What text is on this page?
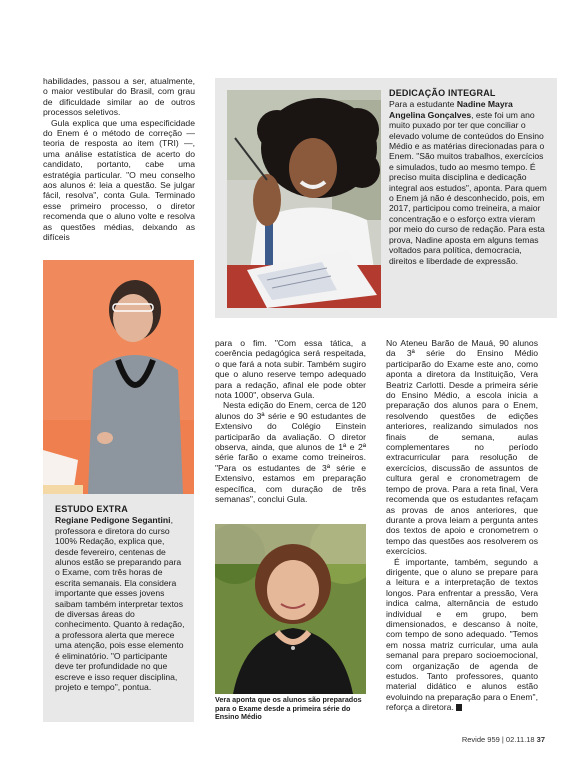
habilidades, passou a ser, atualmente, o maior vestibular do Brasil, com grau de dificuldade similar ao de outros processos seletivos.

Gula explica que uma especificidade do Enem é o método de correção — teoria de resposta ao item (TRI) —, uma análise estatística de acerto do candidato, portanto, cabe uma estratégia particular. "O meu conselho aos alunos é: leia a questão. Se julgar fácil, resolva", conta Gula. Terminado esse primeiro processo, o diretor recomenda que o aluno volte e resolva as questões médias, deixando as difíceis

DEDICAÇÃO INTEGRAL

Para a estudante Nadine Mayra Angelina Gonçalves, este foi um ano muito puxado por ter que conciliar o elevado volume de conteúdos do Ensino Médio e as matérias direcionadas para o Enem. "São muitos trabalhos, exercícios e simulados, tudo ao mesmo tempo. É preciso muita disciplina e dedicação integral aos estudos", aponta. Para quem o Enem já não é desconhecido, pois, em 2017, participou como treineira, a maior concentração e o esforço extra vieram por meio do curso de redação. Para esta prova, Nadine aposta em alguns temas voltados para política, democracia, direitos e liberdade de expressão.

ESTUDO EXTRA

Regiane Pedigone Segantini, professora e diretora do curso 100% Redação, explica que, desde fevereiro, centenas de alunos estão se preparando para o Exame, com três horas de escrita semanais. Ela considera importante que esses jovens saibam também interpretar textos de diversas áreas do conhecimento. Quanto à redação, a professora alerta que merece uma atenção, pois esse elemento é eliminatório. "O participante deve ter profundidade no que escreve e isso requer disciplina, projeto e tempo", pontua.

para o fim. "Com essa tática, a coerência pedagógica será respeitada, o que fará a nota subir. Também sugiro que o aluno reserve tempo adequado para a redação, afinal ele pode obter nota 1000", observa Gula.

Nesta edição do Enem, cerca de 120 alunos do 3ª série e 90 estudantes de Extensivo do Colégio Einstein participarão da avaliação. O diretor observa, ainda, que alunos de 1ª e 2ª série farão o exame como treineiros. "Para os estudantes de 3ª série e Extensivo, estamos em preparação específica, com duração de três semanas", conclui Gula.

Vera aponta que os alunos são preparados para o Exame desde a primeira série do Ensino Médio

No Ateneu Barão de Mauá, 90 alunos da 3ª série do Ensino Médio participarão do Exame este ano, como aponta a diretora da Instituição, Vera Beatriz Carlotti. Desde a primeira série do Ensino Médio, a escola inicia a preparação dos alunos para o Enem, resolvendo questões de edições anteriores, realizando simulados nos finais de semana, aulas complementares no período extracurricular para resolução de exercícios, discussão de assuntos de cultura geral e cronometragem de tempo de prova. Para a reta final, Vera recomenda que os estudantes refaçam as provas de anos anteriores, que durante a prova leiam a pergunta antes dos textos de apoio e cronometrem o tempo das questões aos resolverem os exercícios.

É importante, também, segundo a dirigente, que o aluno se prepare para a leitura e a interpretação de textos longos. Para enfrentar a pressão, Vera indica calma, alternância de estudo individual e em grupo, bem dimensionados, e descanso à noite, com tempo de sono adequado. "Temos em nossa matriz curricular, uma aula semanal para preparo socioemocional, com organização de agenda de estudos. Tanto professores, quanto material didático e alunos estão evoluindo na preparação para o Enem", reforça a diretora.

Revide 959 | 02.11.18 37
